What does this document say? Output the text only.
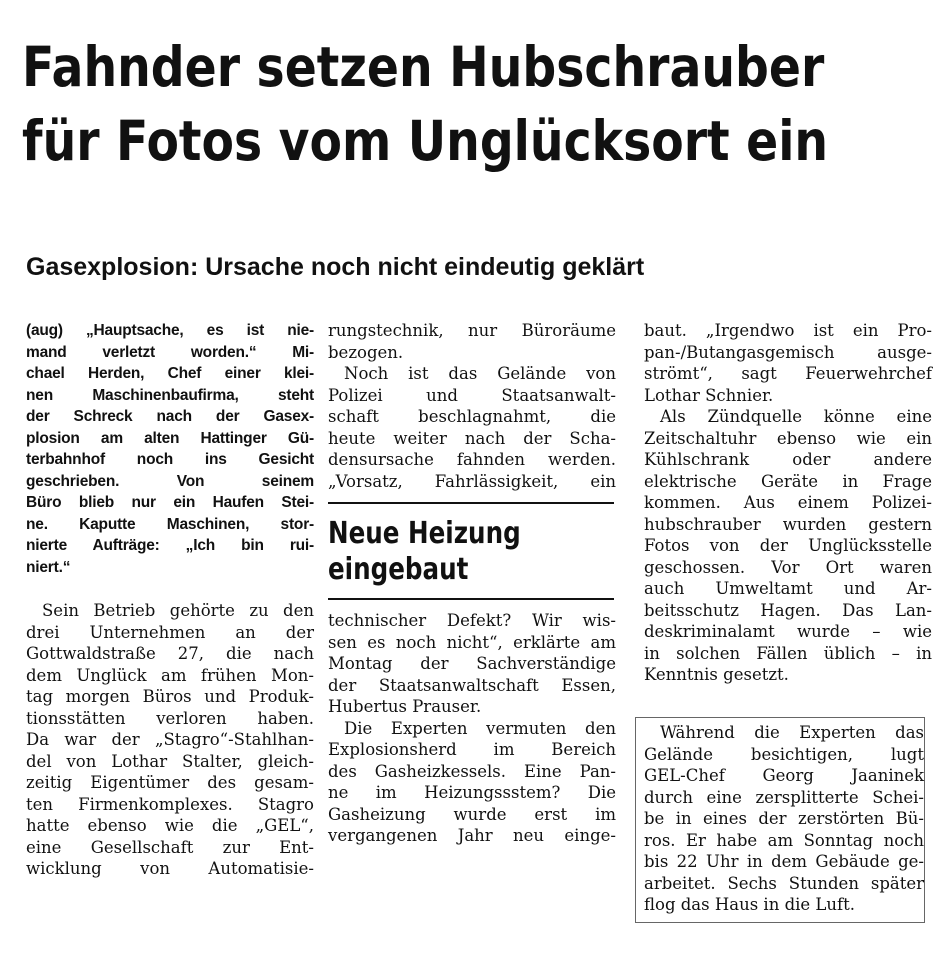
Fahnder setzen Hubschrauber
für Fotos vom Unglücksort ein
Gasexplosion: Ursache noch nicht eindeutig geklärt

(aug) „Hauptsache, es ist nie-

mand verletzt worden.“ Mi-

chael Herden, Chef einer klei-

nen Maschinenbaufirma, steht

der Schreck nach der Gasex-

plosion am alten Hattinger Gü-

terbahnhof noch ins Gesicht

geschrieben. Von seinem

Büro blieb nur ein Haufen Stei-

ne. Kaputte Maschinen, stor-

nierte Aufträge: „Ich bin rui-

niert.“

Sein Betrieb gehörte zu den

drei Unternehmen an der

Gottwaldstraße 27, die nach

dem Unglück am frühen Mon-

tag morgen Büros und Produk-

tionsstätten verloren haben.

Da war der „Stagro“-Stahlhan-

del von Lothar Stalter, gleich-

zeitig Eigentümer des gesam-

ten Firmenkomplexes. Stagro

hatte ebenso wie die „GEL“,

eine Gesellschaft zur Ent-

wicklung von Automatisie-

rungstechnik, nur Büroräume

bezogen.

Noch ist das Gelände von

Polizei und Staatsanwalt-

schaft beschlagnahmt, die

heute weiter nach der Scha-

densursache fahnden werden.

„Vorsatz, Fahrlässigkeit, ein

Neue Heizung
eingebaut

technischer Defekt? Wir wis-

sen es noch nicht“, erklärte am

Montag der Sachverständige

der Staatsanwaltschaft Essen,

Hubertus Prauser.

Die Experten vermuten den

Explosionsherd im Bereich

des Gasheizkessels. Eine Pan-

ne im Heizungssstem? Die

Gasheizung wurde erst im

vergangenen Jahr neu einge-

baut. „Irgendwo ist ein Pro-

pan-/Butangasgemisch ausge-

strömt“, sagt Feuerwehrchef

Lothar Schnier.

Als Zündquelle könne eine

Zeitschaltuhr ebenso wie ein

Kühlschrank oder andere

elektrische Geräte in Frage

kommen. Aus einem Polizei-

hubschrauber wurden gestern

Fotos von der Unglücksstelle

geschossen. Vor Ort waren

auch Umweltamt und Ar-

beitsschutz Hagen. Das Lan-

deskriminalamt wurde – wie

in solchen Fällen üblich – in

Kenntnis gesetzt.

Während die Experten das

Gelände besichtigen, lugt

GEL-Chef Georg Jaaninek

durch eine zersplitterte Schei-

be in eines der zerstörten Bü-

ros. Er habe am Sonntag noch

bis 22 Uhr in dem Gebäude ge-

arbeitet. Sechs Stunden später

flog das Haus in die Luft.
